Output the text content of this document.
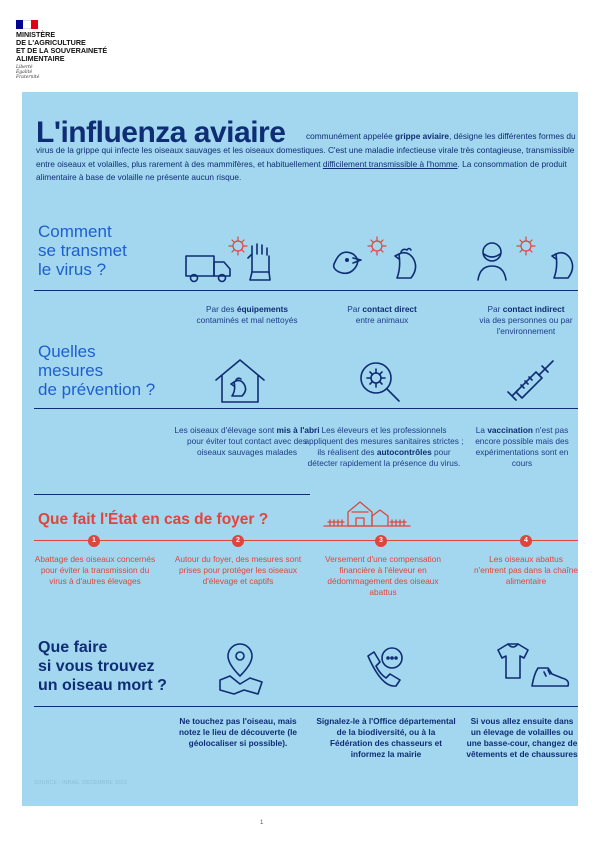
MINISTÈRE
DE L'AGRICULTURE
ET DE LA SOUVERAINETÉ
ALIMENTAIRE
Liberté
Égalité
Fraternité
L'influenza aviaire	communément appelée grippe aviaire, désigne les différentes formes du virus de la grippe qui infecte les oiseaux sauvages et les oiseaux domestiques. C'est une maladie infectieuse virale très contagieuse, transmissible entre oiseaux et volailles, plus rarement à des mammifères, et habituellement difficilement transmissible à l'homme. La consommation de produit alimentaire à base de volaille ne présente aucun risque.
Comment
se transmet
le virus ?
Par des équipements
contaminés et mal nettoyés
Par contact direct
entre animaux
Par contact indirect
via des personnes ou par l'environnement
Quelles
mesures
de prévention ?
Les oiseaux d'élevage sont mis à l'abri pour éviter tout contact avec des oiseaux sauvages malades
Les éleveurs et les professionnels appliquent des mesures sanitaires strictes ; ils réalisent des autocontrôles pour détecter rapidement la présence du virus.
La vaccination n'est pas encore possible mais des expérimentations sont en cours
Que fait l'État en cas de foyer ?
1	2	3	4
Abattage des oiseaux concernés pour éviter la transmission du virus à d'autres élevages
Autour du foyer, des mesures sont prises pour protéger les oiseaux d'élevage et captifs
Versement d'une compensation financière à l'éleveur en dédommagement des oiseaux abattus
Les oiseaux abattus n'entrent pas dans la chaîne alimentaire
Que faire
si vous trouvez
un oiseau mort ?
Ne touchez pas l'oiseau, mais notez le lieu de découverte (le géolocaliser si possible).
Signalez-le à l'Office départemental de la biodiversité, ou à la Fédération des chasseurs et informez la mairie
Si vous allez ensuite dans un élevage de volailles ou une basse-cour, changez de vêtements et de chaussures
SOURCE : INRAE, DÉCEMBRE 2022
1
